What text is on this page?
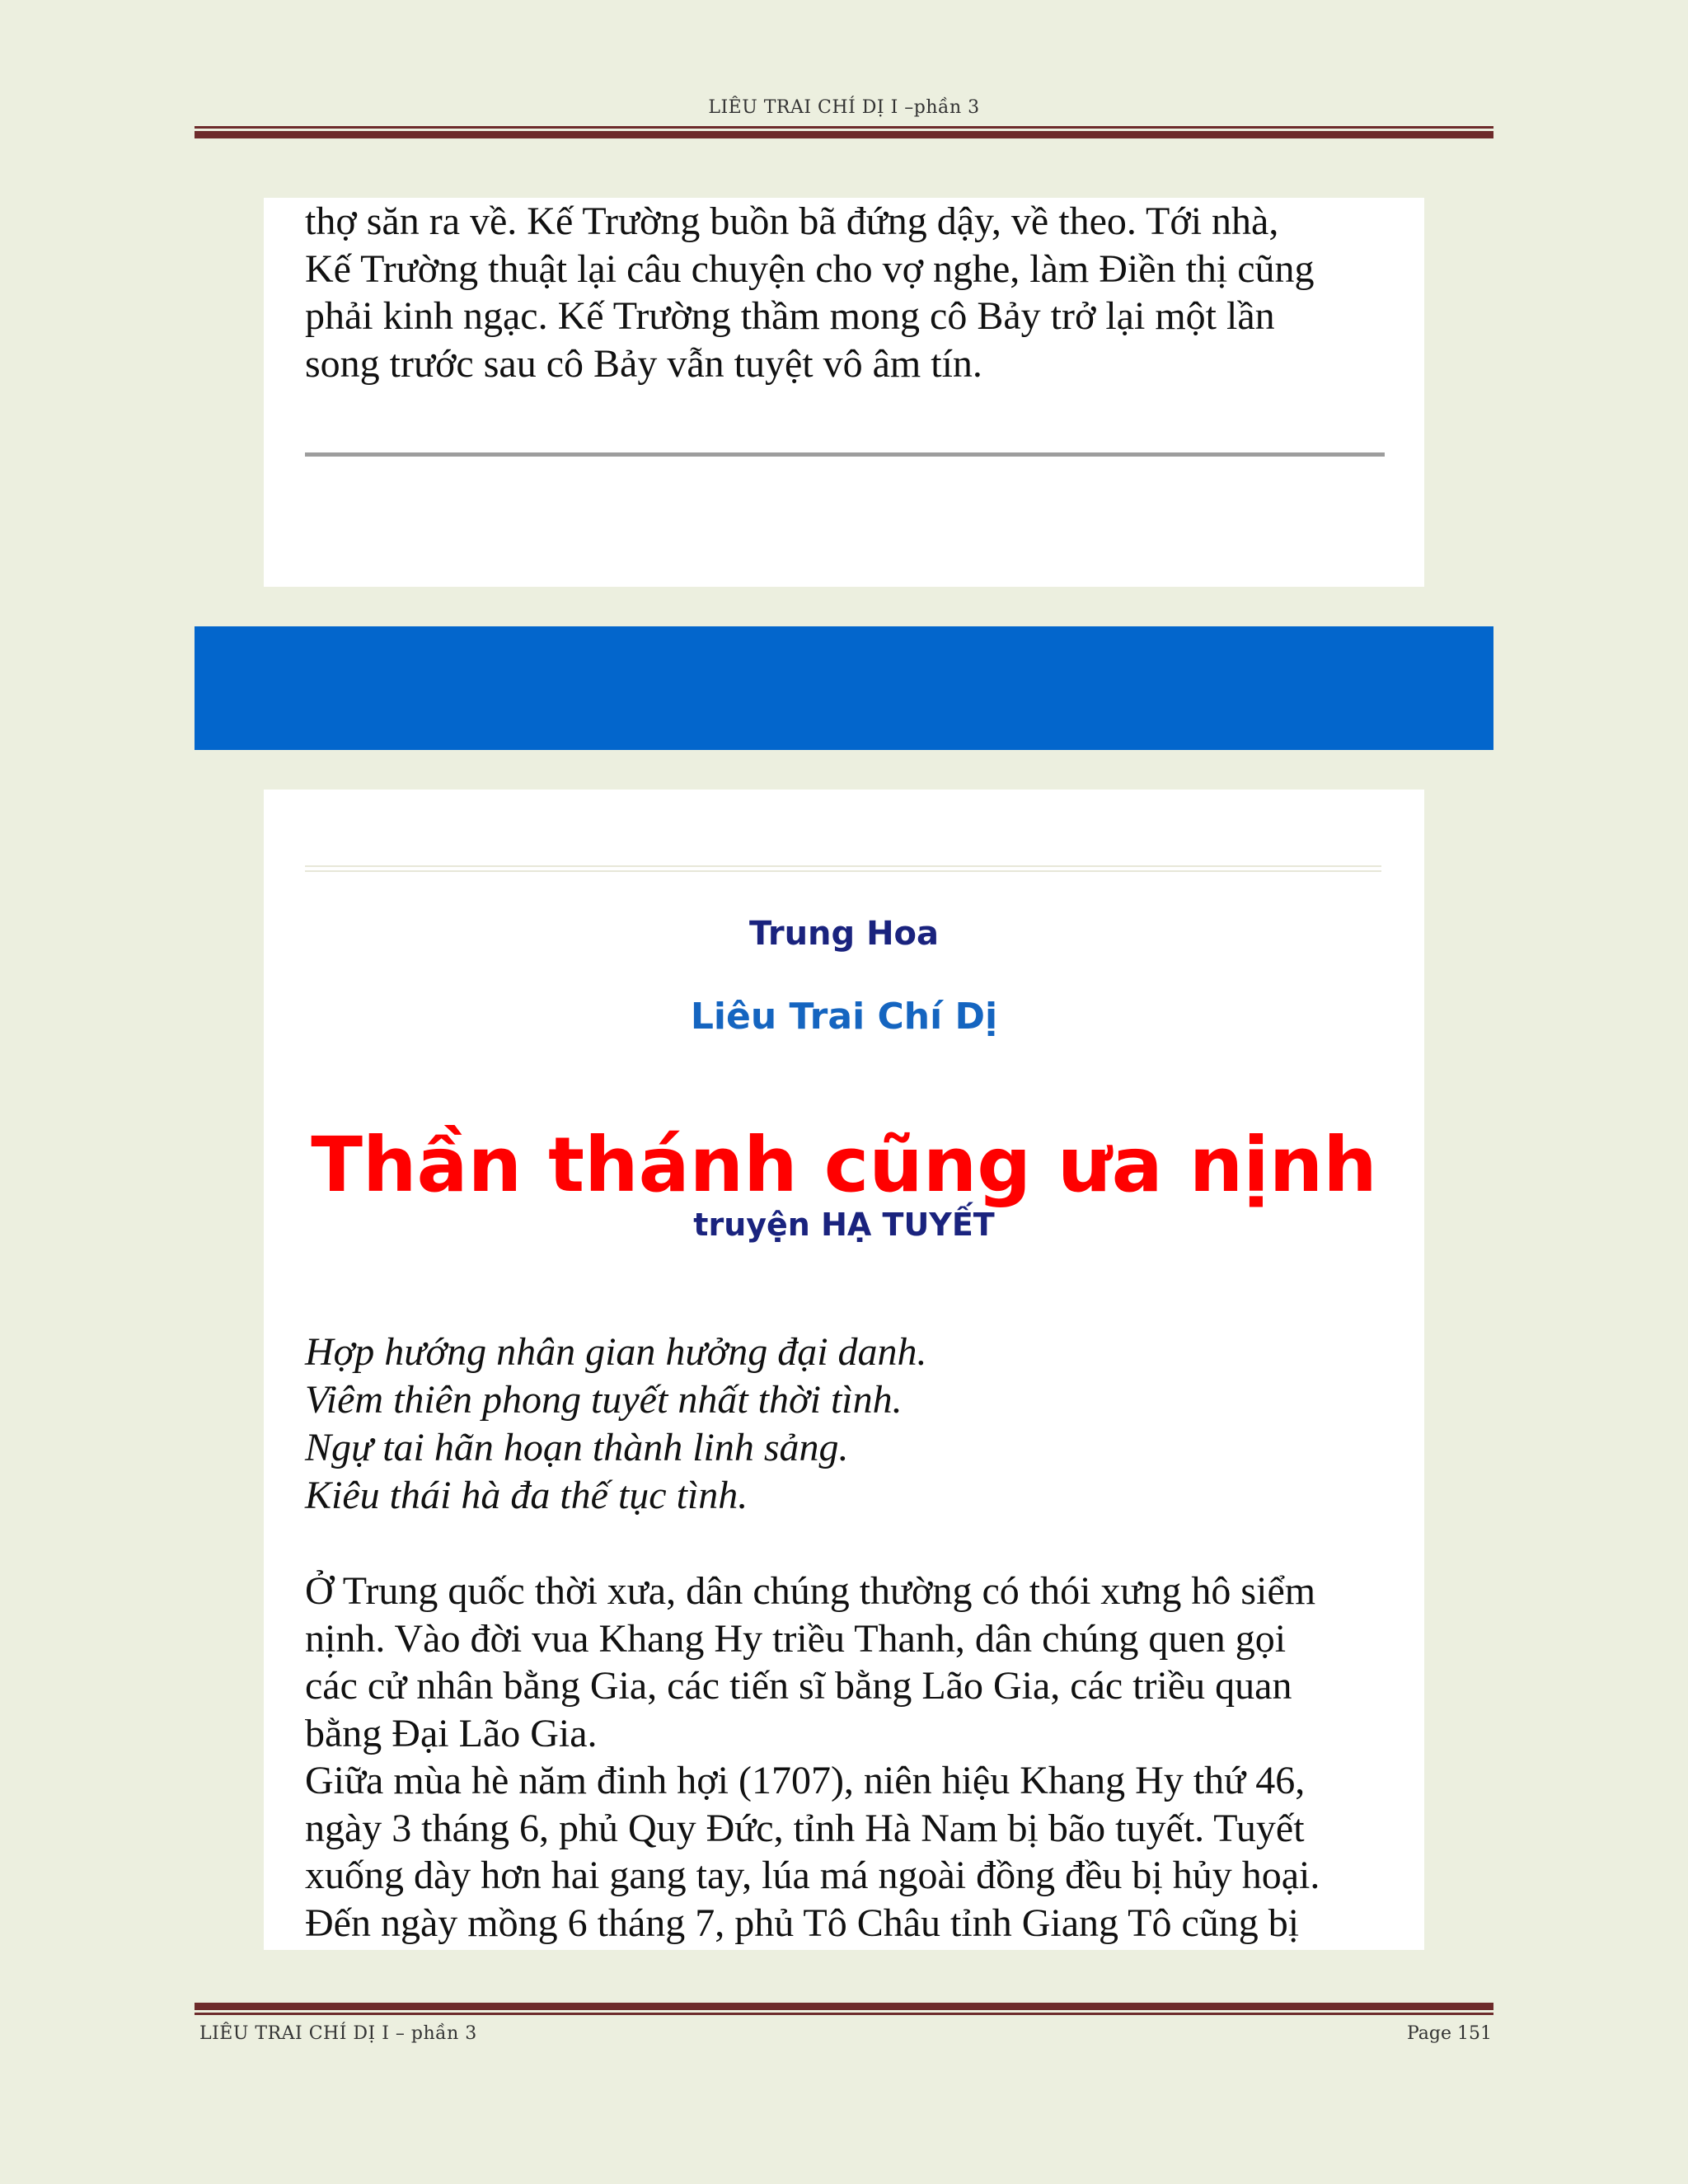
LIÊU TRAI CHÍ DỊ I –phần 3

thợ săn ra về. Kế Trường buồn bã đứng dậy, về theo. Tới nhà,

Kế Trường thuật lại câu chuyện cho vợ nghe, làm Điền thị cũng

phải kinh ngạc. Kế Trường thầm mong cô Bảy trở lại một lần

song trước sau cô Bảy vẫn tuyệt vô âm tín.

Trung Hoa
Liêu Trai Chí Dị
Thần thánh cũng ưa nịnh
truyện HẠ TUYẾT
Hợp hướng nhân gian hưởng đại danh.
Viêm thiên phong tuyết nhất thời tình.
Ngự tai hãn hoạn thành linh sảng.
Kiêu thái hà đa thế tục tình.

Ở Trung quốc thời xưa, dân chúng thường có thói xưng hô siểm

nịnh. Vào đời vua Khang Hy triều Thanh, dân chúng quen gọi

các cử nhân bằng Gia, các tiến sĩ bằng Lão Gia, các triều quan

bằng Đại Lão Gia.

Giữa mùa hè năm đinh hợi (1707), niên hiệu Khang Hy thứ 46,

ngày 3 tháng 6, phủ Quy Đức, tỉnh Hà Nam bị bão tuyết. Tuyết

xuống dày hơn hai gang tay, lúa má ngoài đồng đều bị hủy hoại.

Đến ngày mồng 6 tháng 7, phủ Tô Châu tỉnh Giang Tô cũng bị

LIÊU TRAI CHÍ DỊ I – phần 3	Page 151
